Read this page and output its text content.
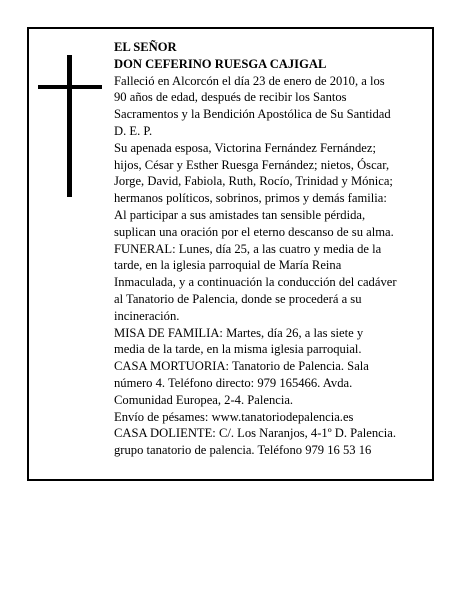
EL SEÑOR
DON CEFERINO RUESGA CAJIGAL
Falleció en Alcorcón el día 23 de enero de 2010, a los
90 años de edad, después de recibir los Santos
Sacramentos y la Bendición Apostólica de Su Santidad
D. E. P.
Su apenada esposa, Victorina Fernández Fernández;
hijos, César y Esther Ruesga Fernández; nietos, Óscar,
Jorge, David, Fabiola, Ruth, Rocío, Trinidad y Mónica;
hermanos políticos, sobrinos, primos y demás familia:
Al participar a sus amistades tan sensible pérdida,
suplican una oración por el eterno descanso de su alma.
FUNERAL: Lunes, día 25, a las cuatro y media de la
tarde, en la iglesia parroquial de María Reina
Inmaculada, y a continuación la conducción del cadáver
al Tanatorio de Palencia, donde se procederá a su
incineración.
MISA DE FAMILIA: Martes, día 26, a las siete y
media de la tarde, en la misma iglesia parroquial.
CASA MORTUORIA: Tanatorio de Palencia. Sala
número 4. Teléfono directo: 979 165466. Avda.
Comunidad Europea, 2-4. Palencia.
Envío de pésames: www.tanatoriodepalencia.es
CASA DOLIENTE: C/. Los Naranjos, 4-1º D. Palencia.
grupo tanatorio de palencia. Teléfono 979 16 53 16
